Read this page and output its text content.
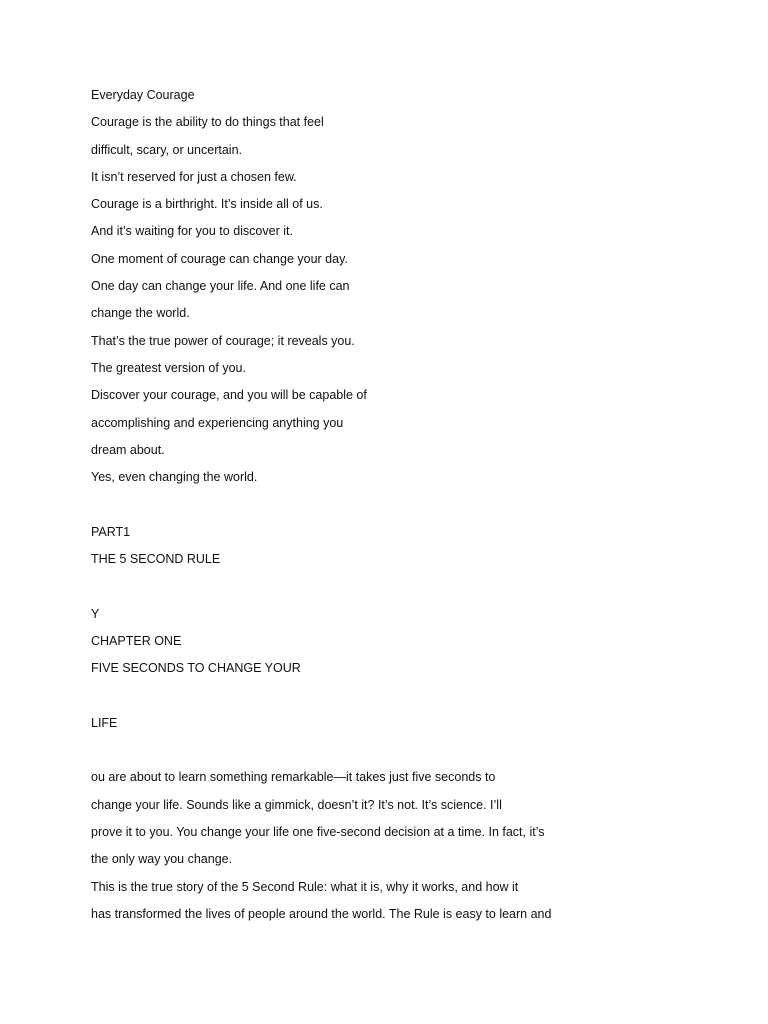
Everyday Courage
Courage is the ability to do things that feel
difficult, scary, or uncertain.
It isn’t reserved for just a chosen few.
Courage is a birthright. It’s inside all of us.
And it’s waiting for you to discover it.
One moment of courage can change your day.
One day can change your life. And one life can
change the world.
That’s the true power of courage; it reveals you.
The greatest version of you.
Discover your courage, and you will be capable of
accomplishing and experiencing anything you
dream about.
Yes, even changing the world.
PART1
THE 5 SECOND RULE
Y
CHAPTER ONE
FIVE SECONDS TO CHANGE YOUR
LIFE
ou are about to learn something remarkable—it takes just five seconds to
change your life. Sounds like a gimmick, doesn’t it? It’s not. It’s science. I’ll
prove it to you. You change your life one five-second decision at a time. In fact, it’s
the only way you change.
This is the true story of the 5 Second Rule: what it is, why it works, and how it
has transformed the lives of people around the world. The Rule is easy to learn and
